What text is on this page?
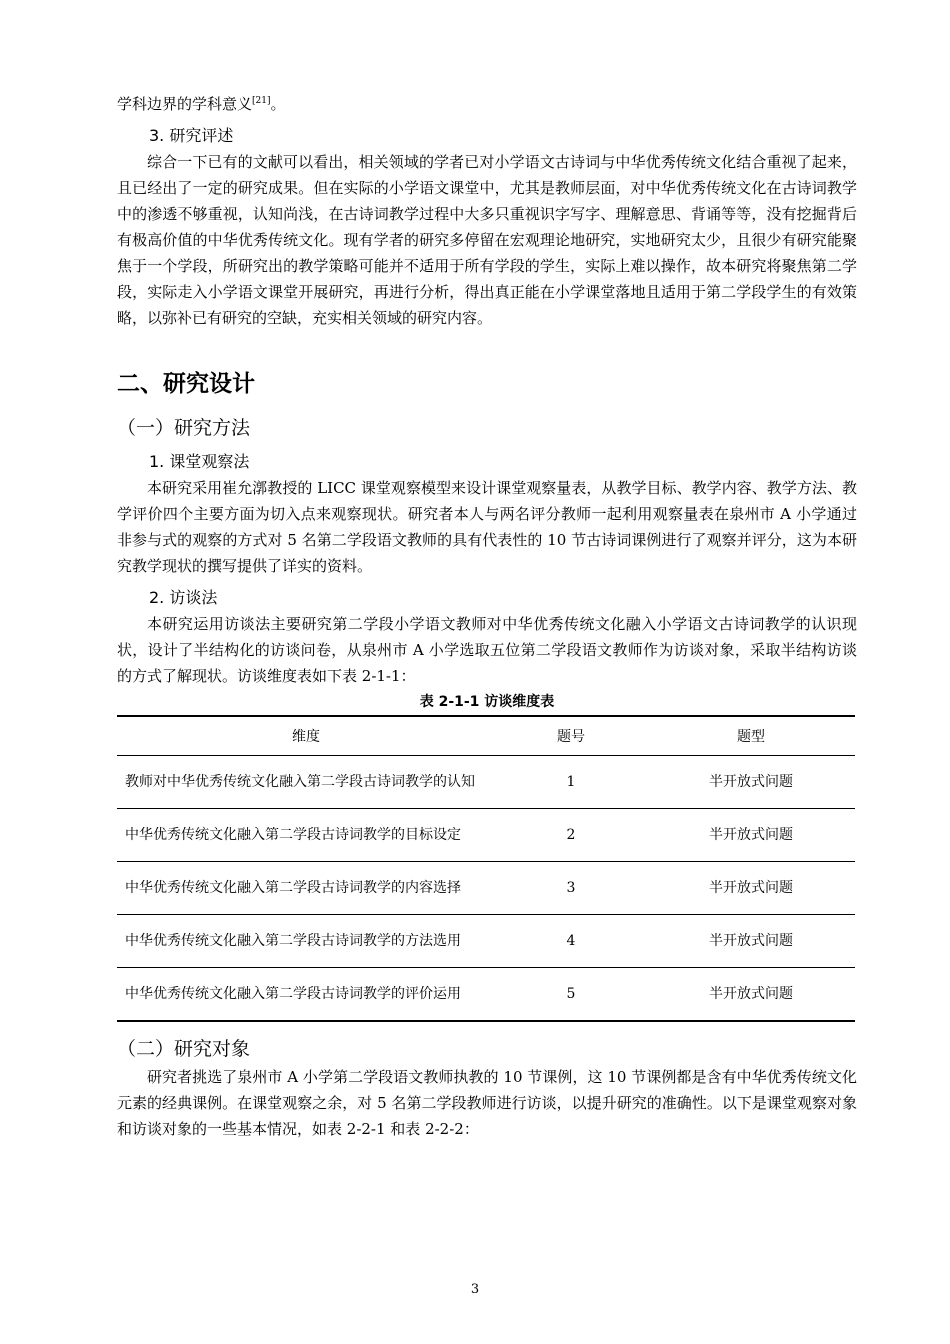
学科边界的学科意义[21]。

3. 研究评述

综合一下已有的文献可以看出，相关领域的学者已对小学语文古诗词与中华优秀传统文化结合重视了起来，且已经出了一定的研究成果。但在实际的小学语文课堂中，尤其是教师层面，对中华优秀传统文化在古诗词教学中的渗透不够重视，认知尚浅，在古诗词教学过程中大多只重视识字写字、理解意思、背诵等等，没有挖掘背后有极高价值的中华优秀传统文化。现有学者的研究多停留在宏观理论地研究，实地研究太少，且很少有研究能聚焦于一个学段，所研究出的教学策略可能并不适用于所有学段的学生，实际上难以操作，故本研究将聚焦第二学段，实际走入小学语文课堂开展研究，再进行分析，得出真正能在小学课堂落地且适用于第二学段学生的有效策略，以弥补已有研究的空缺，充实相关领域的研究内容。

二、研究设计

（一）研究方法

1. 课堂观察法

本研究采用崔允漷教授的 LICC 课堂观察模型来设计课堂观察量表，从教学目标、教学内容、教学方法、教学评价四个主要方面为切入点来观察现状。研究者本人与两名评分教师一起利用观察量表在泉州市 A 小学通过非参与式的观察的方式对 5 名第二学段语文教师的具有代表性的 10 节古诗词课例进行了观察并评分，这为本研究教学现状的撰写提供了详实的资料。

2. 访谈法

本研究运用访谈法主要研究第二学段小学语文教师对中华优秀传统文化融入小学语文古诗词教学的认识现状，设计了半结构化的访谈问卷，从泉州市 A 小学选取五位第二学段语文教师作为访谈对象，采取半结构访谈的方式了解现状。访谈维度表如下表 2-1-1：

表 2-1-1 访谈维度表

维度	题号	题型
教师对中华优秀传统文化融入第二学段古诗词教学的认知	1	半开放式问题
中华优秀传统文化融入第二学段古诗词教学的目标设定	2	半开放式问题
中华优秀传统文化融入第二学段古诗词教学的内容选择	3	半开放式问题
中华优秀传统文化融入第二学段古诗词教学的方法选用	4	半开放式问题
中华优秀传统文化融入第二学段古诗词教学的评价运用	5	半开放式问题

（二）研究对象

研究者挑选了泉州市 A 小学第二学段语文教师执教的 10 节课例，这 10 节课例都是含有中华优秀传统文化元素的经典课例。在课堂观察之余，对 5 名第二学段教师进行访谈，以提升研究的准确性。以下是课堂观察对象和访谈对象的一些基本情况，如表 2-2-1 和表 2-2-2：

3
